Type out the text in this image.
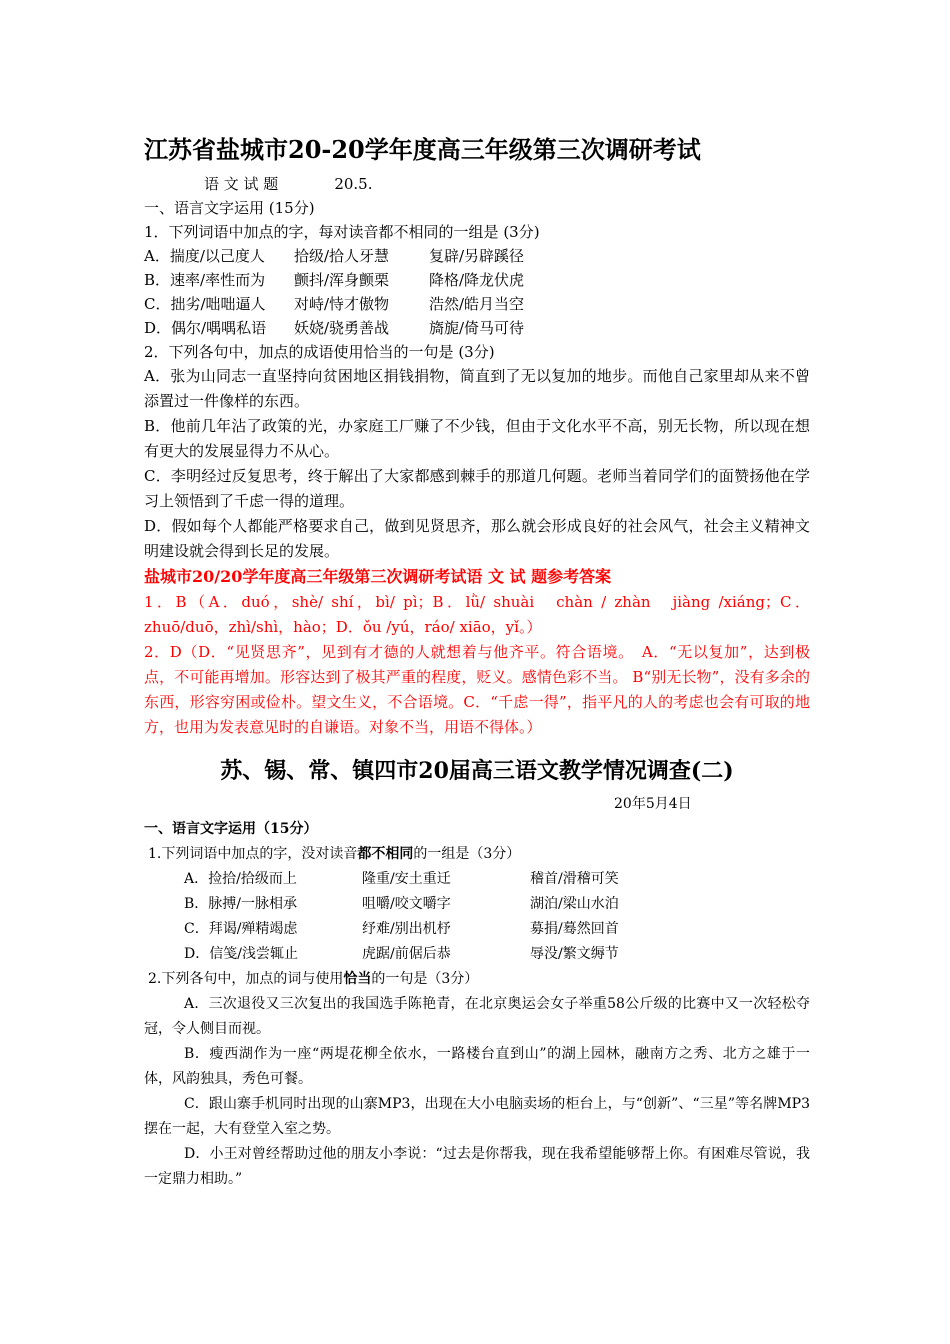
江苏省盐城市20-20学年度高三年级第三次调研考试

语 文 试 题	20.5.

一、语言文字运用 (15分)

1．下列词语中加点的字，每对读音都不相同的一组是 (3分)

A．揣度/以己度人 拾级/拾人牙慧	复辟/另辟蹊径

B．速率/率性而为 颤抖/浑身颤栗	降格/降龙伏虎

C．拙劣/咄咄逼人 对峙/恃才傲物	浩然/皓月当空

D．偶尔/喁喁私语 妖娆/骁勇善战	旖旎/倚马可待

2．下列各句中，加点的成语使用恰当的一句是 (3分)

A．张为山同志一直坚持向贫困地区捐钱捐物，简直到了无以复加的地步。而他自己家里却从来不曾添置过一件像样的东西。

B．他前几年沾了政策的光，办家庭工厂赚了不少钱，但由于文化水平不高，别无长物，所以现在想有更大的发展显得力不从心。

C．李明经过反复思考，终于解出了大家都感到棘手的那道几何题。老师当着同学们的面赞扬他在学习上领悟到了千虑一得的道理。

D．假如每个人都能严格要求自己，做到见贤思齐，那么就会形成良好的社会风气，社会主义精神文明建设就会得到长足的发展。

盐城市20/20学年度高三年级第三次调研考试语 文 试 题参考答案

1．B（A．duó，shè/ shí，bì/ pì；B．lǜ/ shuài　chàn / zhàn　jiàng /xiáng；C．zhuō/duō，zhì/shì，hào；D．ǒu /yú，ráo/ xiāo，yǐ。）

2．D（D．“见贤思齐”，见到有才德的人就想着与他齐平。符合语境。　A．“无以复加”，达到极点，不可能再增加。形容达到了极其严重的程度，贬义。感情色彩不当。 B“别无长物”，没有多余的东西，形容穷困或俭朴。望文生义，不合语境。C．“千虑一得”，指平凡的人的考虑也会有可取的地方，也用为发表意见时的自谦语。对象不当，用语不得体。）

苏、锡、常、镇四市20届高三语文教学情况调查(二)

20年5月4日

一、语言文字运用（15分）

1.下列词语中加点的字，没对读音都不相同的一组是（3分）

A．捡拾/拾级而上	隆重/安土重迁	稽首/滑稽可笑

B．脉搏/一脉相承	咀嚼/咬文嚼字	湖泊/梁山水泊

C．拜谒/殚精竭虑	纾难/别出机杼	募捐/蓦然回首

D．信笺/浅尝辄止	虎踞/前倨后恭	辱没/繁文缛节

2.下列各句中，加点的词与使用恰当的一句是（3分）

A．三次退役又三次复出的我国选手陈艳青，在北京奥运会女子举重58公斤级的比赛中又一次轻松夺冠，令人侧目而视。

B．瘦西湖作为一座“两堤花柳全依水，一路楼台直到山”的湖上园林，融南方之秀、北方之雄于一体，风韵独具，秀色可餐。

C．跟山寨手机同时出现的山寨MP3，出现在大小电脑卖场的柜台上，与“创新”、“三星”等名牌MP3摆在一起，大有登堂入室之势。

D．小王对曾经帮助过他的朋友小李说：“过去是你帮我，现在我希望能够帮上你。有困难尽管说，我一定鼎力相助。”
